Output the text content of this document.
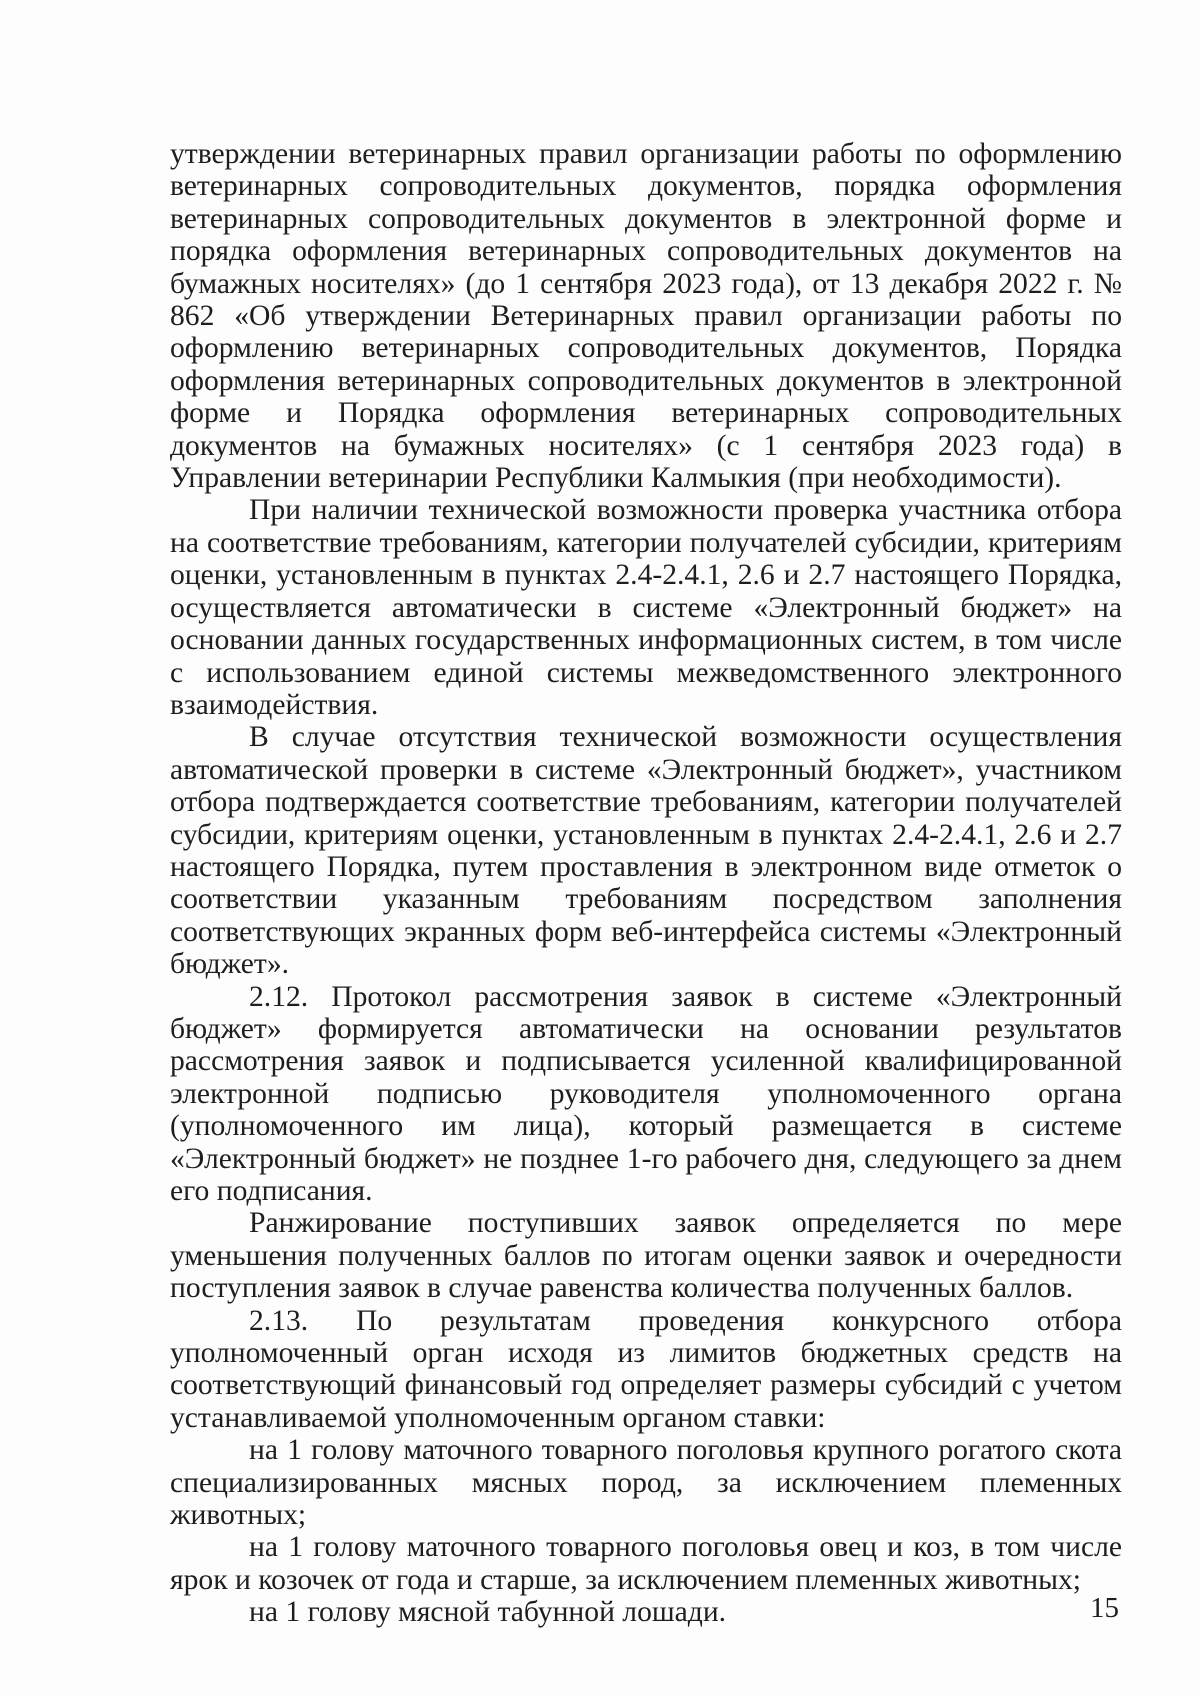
утверждении ветеринарных правил организации работы по оформлению ветеринарных сопроводительных документов, порядка оформления ветеринарных сопроводительных документов в электронной форме и порядка оформления ветеринарных сопроводительных документов на бумажных носителях» (до 1 сентября 2023 года), от 13 декабря 2022 г. № 862 «Об утверждении Ветеринарных правил организации работы по оформлению ветеринарных сопроводительных документов, Порядка оформления ветеринарных сопроводительных документов в электронной форме и Порядка оформления ветеринарных сопроводительных документов на бумажных носителях» (с 1 сентября 2023 года) в Управлении ветеринарии Республики Калмыкия (при необходимости).

При наличии технической возможности проверка участника отбора на соответствие требованиям, категории получателей субсидии, критериям оценки, установленным в пунктах 2.4-2.4.1, 2.6 и 2.7 настоящего Порядка, осуществляется автоматически в системе «Электронный бюджет» на основании данных государственных информационных систем, в том числе с использованием единой системы межведомственного электронного взаимодействия.

В случае отсутствия технической возможности осуществления автоматической проверки в системе «Электронный бюджет», участником отбора подтверждается соответствие требованиям, категории получателей субсидии, критериям оценки, установленным в пунктах 2.4-2.4.1, 2.6 и 2.7 настоящего Порядка, путем проставления в электронном виде отметок о соответствии указанным требованиям посредством заполнения соответствующих экранных форм веб-интерфейса системы «Электронный бюджет».

2.12. Протокол рассмотрения заявок в системе «Электронный бюджет» формируется автоматически на основании результатов рассмотрения заявок и подписывается усиленной квалифицированной электронной подписью руководителя уполномоченного органа (уполномоченного им лица), который размещается в системе «Электронный бюджет» не позднее 1-го рабочего дня, следующего за днем его подписания.

Ранжирование поступивших заявок определяется по мере уменьшения полученных баллов по итогам оценки заявок и очередности поступления заявок в случае равенства количества полученных баллов.

2.13. По результатам проведения конкурсного отбора уполномоченный орган исходя из лимитов бюджетных средств на соответствующий финансовый год определяет размеры субсидий с учетом устанавливаемой уполномоченным органом ставки:

на 1 голову маточного товарного поголовья крупного рогатого скота специализированных мясных пород, за исключением племенных животных;

на 1 голову маточного товарного поголовья овец и коз, в том числе ярок и козочек от года и старше, за исключением племенных животных;

на 1 голову мясной табунной лошади.	15
